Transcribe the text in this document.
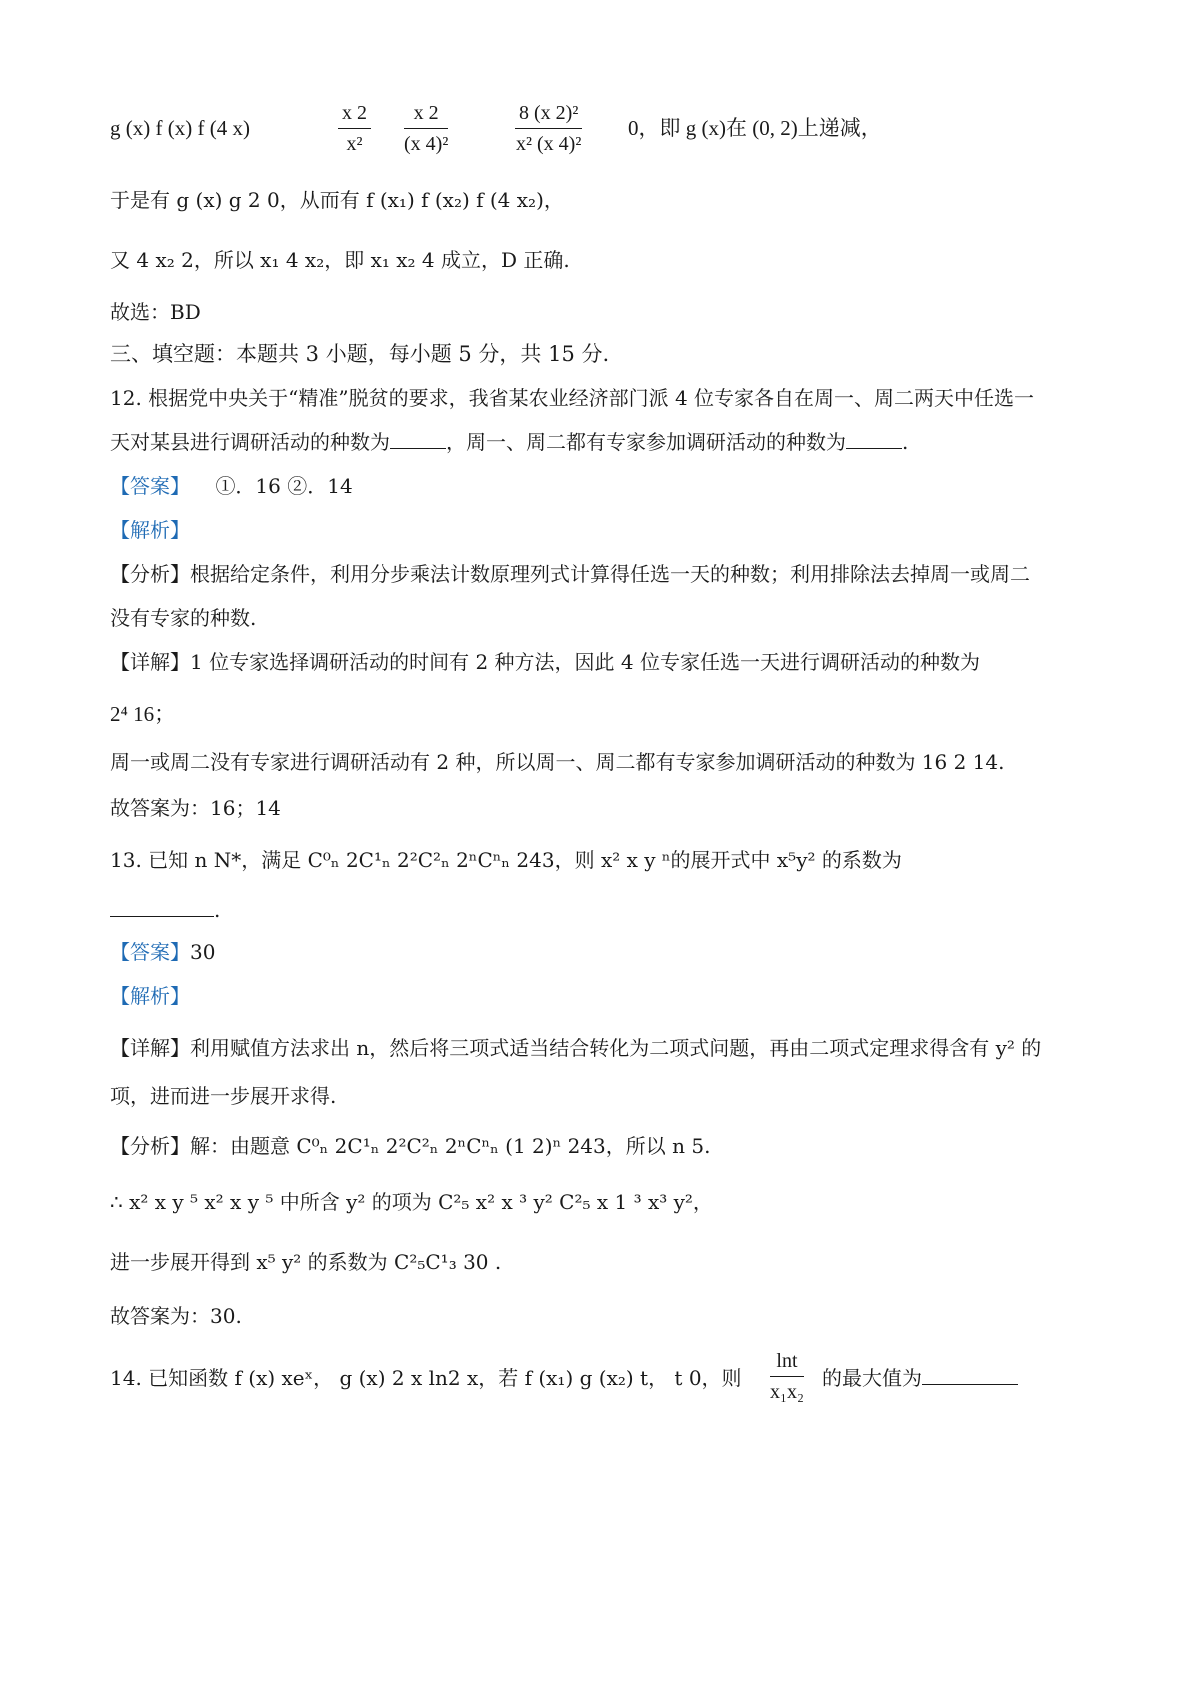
g (x) f (x) f (4 x)	$\frac{x 2}{\text{x²}} \frac{x 2}{\text{(x 4)²}}$	$\frac{\text{8 (x 2)²}}{\text{x² (x 4)²}} 0$，即 g (x)在 (0, 2)上递减，
于是有 g (x) g 2 0，从而有 f (x₁) f (x₂) f (4 x₂)，
又 4 x₂ 2，所以 x₁ 4 x₂，即 x₁ x₂ 4 成立，D 正确.
故选：BD
三、填空题：本题共 3 小题，每小题 5 分，共 15 分.
12. 根据党中央关于“精准”脱贫的要求，我省某农业经济部门派 4 位专家各自在周一、周二两天中任选一
天对某县进行调研活动的种数为	，周一、周二都有专家参加调研活动的种数为	.
【答案】 ①．16 ②．14
【解析】
【分析】根据给定条件，利用分步乘法计数原理列式计算得任选一天的种数；利用排除法去掉周一或周二
没有专家的种数.
【详解】1 位专家选择调研活动的时间有 2 种方法，因此 4 位专家任选一天进行调研活动的种数为
2⁴ 16；
周一或周二没有专家进行调研活动有 2 种，所以周一、周二都有专家参加调研活动的种数为 16 2 14.
故答案为：16；14
13. 已知 n N*，满足 C⁰ₙ 2C¹ₙ 2²C²ₙ 2ⁿCⁿₙ 243，则 x² x y ⁿ的展开式中 x⁵y² 的系数为
.
【答案】30
【解析】
【详解】利用赋值方法求出 n，然后将三项式适当结合转化为二项式问题，再由二项式定理求得含有 y² 的
项，进而进一步展开求得.
【分析】解：由题意 C⁰ₙ 2C¹ₙ 2²C²ₙ 2ⁿCⁿₙ (1 2)ⁿ 243，所以 n 5.
∴ x² x y ⁵ x² x y ⁵ 中所含 y² 的项为 C²₅ x² x ³ y² C²₅ x 1 ³ x³ y²，
进一步展开得到 x⁵ y² 的系数为 C²₅C¹₃ 30 .
故答案为：30.
14. 已知函数 f (x) xeˣ， g (x) 2 x ln2 x，若 f (x₁) g (x₂) t， t 0，则 $\frac{\ln t}{\text{x₁x₂}}$ 的最大值为
